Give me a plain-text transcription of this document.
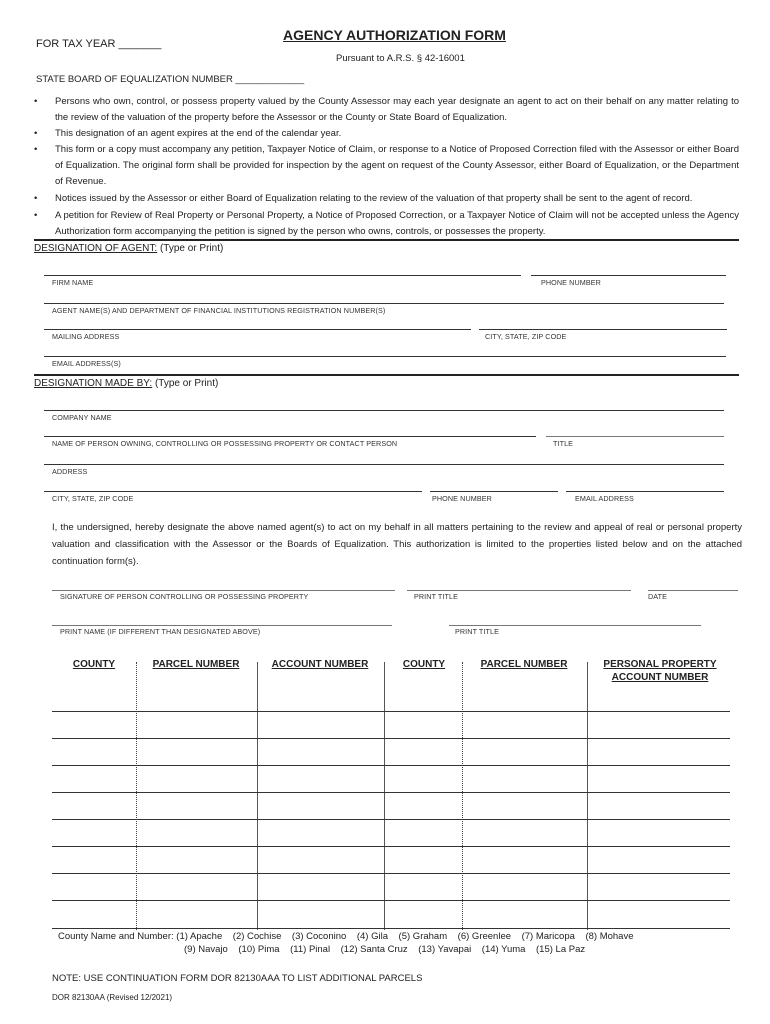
FOR TAX YEAR _______
AGENCY AUTHORIZATION FORM
Pursuant to A.R.S. § 42-16001
STATE BOARD OF EQUALIZATION NUMBER _____________
• Persons who own, control, or possess property valued by the County Assessor may each year designate an agent to act on their behalf on any matter relating to the review of the valuation of the property before the Assessor or the County or State Board of Equalization.
• This designation of an agent expires at the end of the calendar year.
• This form or a copy must accompany any petition, Taxpayer Notice of Claim, or response to a Notice of Proposed Correction filed with the Assessor or either Board of Equalization. The original form shall be provided for inspection by the agent on request of the County Assessor, either Board of Equalization, or the Department of Revenue.
• Notices issued by the Assessor or either Board of Equalization relating to the review of the valuation of that property shall be sent to the agent of record.
• A petition for Review of Real Property or Personal Property, a Notice of Proposed Correction, or a Taxpayer Notice of Claim will not be accepted unless the Agency Authorization form accompanying the petition is signed by the person who owns, controls, or possesses the property.
DESIGNATION OF AGENT: (Type or Print)
FIRM NAME	PHONE NUMBER
AGENT NAME(S) AND DEPARTMENT OF FINANCIAL INSTITUTIONS REGISTRATION NUMBER(S)
MAILING ADDRESS	CITY, STATE, ZIP CODE
EMAIL ADDRESS(S)
DESIGNATION MADE BY: (Type or Print)
COMPANY NAME
NAME OF PERSON OWNING, CONTROLLING OR POSSESSING PROPERTY OR CONTACT PERSON	TITLE
ADDRESS
CITY, STATE, ZIP CODE	PHONE NUMBER	EMAIL ADDRESS
I, the undersigned, hereby designate the above named agent(s) to act on my behalf in all matters pertaining to the review and appeal of real or personal property valuation and classification with the Assessor or the Boards of Equalization. This authorization is limited to the properties listed below and on the attached continuation form(s).
SIGNATURE OF PERSON CONTROLLING OR POSSESSING PROPERTY	PRINT TITLE	DATE
PRINT NAME (IF DIFFERENT THAN DESIGNATED ABOVE)	PRINT TITLE
COUNTY	PARCEL NUMBER	ACCOUNT NUMBER	COUNTY	PARCEL NUMBER	PERSONAL PROPERTY ACCOUNT NUMBER
County Name and Number: (1) Apache    (2) Cochise    (3) Coconino    (4) Gila    (5) Graham    (6) Greenlee    (7) Maricopa    (8) Mohave
(9) Navajo    (10) Pima    (11) Pinal    (12) Santa Cruz    (13) Yavapai    (14) Yuma    (15) La Paz
NOTE: USE CONTINUATION FORM DOR 82130AAA TO LIST ADDITIONAL PARCELS
DOR 82130AA (Revised 12/2021)
